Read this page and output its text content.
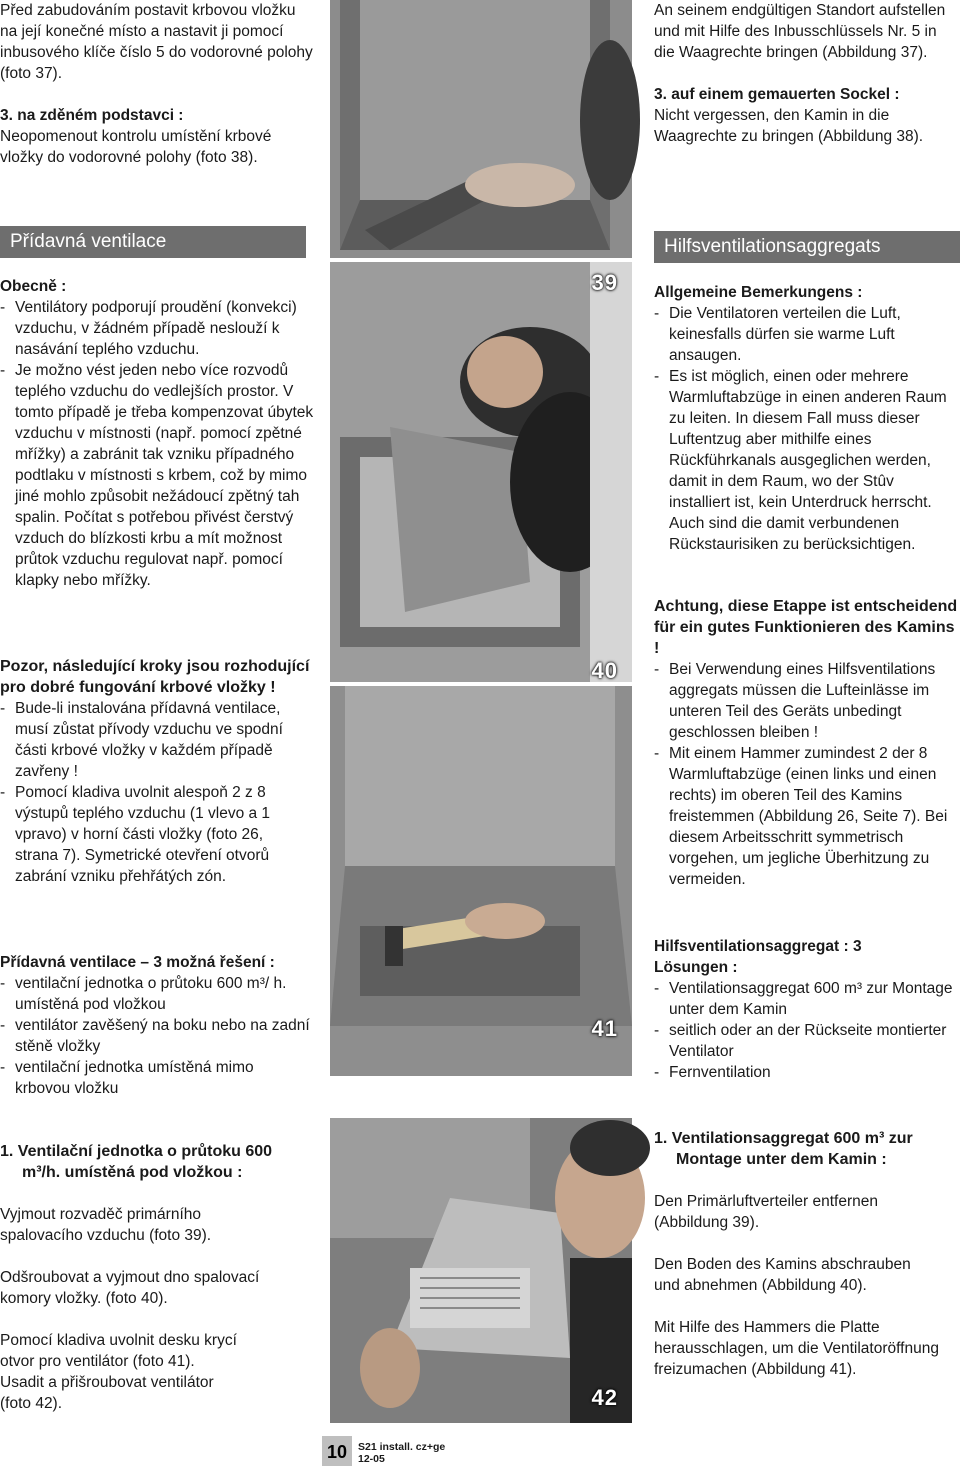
Před zabudováním postavit krbovou vložku na její konečné místo a nastavit ji pomocí inbusového klíče číslo 5 do vodorovné polohy (foto 37).

3. na zděném podstavci :

Neopomenout kontrolu umístění krbové vložky do vodorovné polohy (foto 38).

Přídavná ventilace

Obecně :

- Ventilátory podporují proudění (konvekci) vzduchu, v žádném případě neslouží k nasávání teplého vzduchu.
- Je možno vést jeden nebo více rozvodů teplého vzduchu do vedlejších prostor. V tomto případě je třeba kompenzovat úbytek vzduchu v místnosti (např. pomocí zpětné mřížky) a zabránit tak vzniku případného podtlaku v místnosti s krbem, což by mimo jiné mohlo způsobit nežádoucí zpětný tah spalin. Počítat s potřebou přivést čerstvý vzduch do blízkosti krbu a mít možnost průtok vzduchu regulovat např. pomocí klapky nebo mřížky.

Pozor, následující kroky jsou rozhodující pro dobré fungování krbové vložky !

- Bude-li instalována přídavná ventilace, musí zůstat přívody vzduchu ve spodní části krbové vložky v každém případě zavřeny !
- Pomocí kladiva uvolnit alespoň 2 z 8 výstupů teplého vzduchu (1 vlevo a 1 vpravo) v horní části vložky (foto 26, strana 7). Symetrické otevření otvorů zabrání vzniku přehřátých zón.

Přídavná ventilace – 3 možná řešení :

- ventilační jednotka o průtoku 600 m³/ h. umístěná pod vložkou
- ventilátor zavěšený na boku nebo na zadní stěně vložky
- ventilační jednotka umístěná mimo krbovou vložku

1. Ventilační jednotka o průtoku 600 m³/h. umístěná pod vložkou :

Vyjmout rozvaděč primárního spalovacího vzduchu (foto 39).

Odšroubovat a vyjmout dno spalovací komory vložky. (foto 40).

Pomocí kladiva uvolnit desku krycí otvor pro ventilátor (foto 41).

Usadit a přišroubovat ventilátor (foto 42).

39
40
41
42

An seinem endgültigen Standort aufstellen und mit Hilfe des Inbusschlüssels Nr. 5 in die Waagrechte bringen (Abbildung 37).

3. auf einem gemauerten Sockel :

Nicht vergessen, den Kamin in die Waagrechte zu bringen (Abbildung 38).

Hilfsventilationsaggregats

Allgemeine Bemerkungens :

- Die Ventilatoren verteilen die Luft, keinesfalls dürfen sie warme Luft ansaugen.
- Es ist möglich, einen oder mehrere Warmluftabzüge in einen anderen Raum zu leiten. In diesem Fall muss dieser Luftentzug aber mithilfe eines Rückführkanals ausgeglichen werden, damit in dem Raum, wo der Stûv installiert ist, kein Unterdruck herrscht. Auch sind die damit verbundenen Rückstaurisiken zu berücksichtigen.

Achtung, diese Etappe ist entscheidend für ein gutes Funktionieren des Kamins !

- Bei Verwendung eines Hilfsventilations aggregats müssen die Lufteinlässe im unteren Teil des Geräts unbedingt geschlossen bleiben !
- Mit einem Hammer zumindest 2 der 8 Warmluftabzüge (einen links und einen rechts) im oberen Teil des Kamins freistemmen (Abbildung 26, Seite 7). Bei diesem Arbeitsschritt symmetrisch vorgehen, um jegliche Überhitzung zu vermeiden.

Hilfsventilationsaggregat : 3 Lösungen :

- Ventilationsaggregat 600 m³ zur Montage unter dem Kamin
- seitlich oder an der Rückseite montierter Ventilator
- Fernventilation

1. Ventilationsaggregat 600 m³ zur Montage unter dem Kamin :

Den Primärluftverteiler entfernen (Abbildung 39).

Den Boden des Kamins abschrauben und abnehmen (Abbildung 40).

Mit Hilfe des Hammers die Platte herausschlagen, um die Ventilatoröffnung freizumachen (Abbildung 41).

10	S21 install. cz+ge
12-05
